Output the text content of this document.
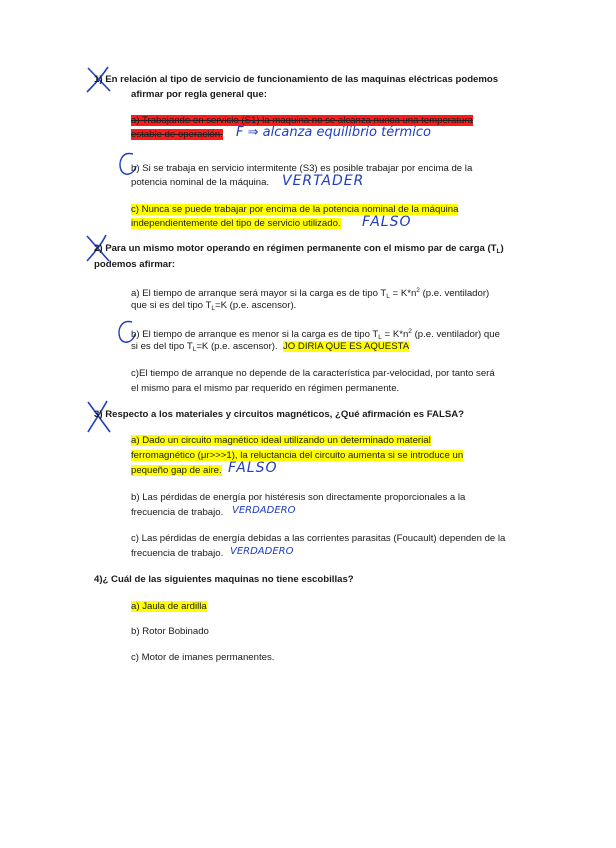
1) En relación al tipo de servicio de funcionamiento de las maquinas eléctricas podemos
afirmar por regla general que:
a) Trabajando en servicio (S1) la maquina no se alcanza nunca una temperatura
estable de operación. F ⇒ alcanza equilibrio térmico
b) Si se trabaja en servicio intermitente (S3) es posible trabajar por encima de la
potencia nominal de la máquina. VERTADER
c) Nunca se puede trabajar por encima de la potencia nominal de la máquina
independientemente del tipo de servicio utilizado. FALSO
2) Para un mismo motor operando en régimen permanente con el mismo par de carga $(T_L)$
podemos afirmar:
a) El tiempo de arranque será mayor si la carga es de tipo $T_L = K*n^2$ (p.e. ventilador)
que si es del tipo $T_L=K$ (p.e. ascensor).
b) El tiempo de arranque es menor si la carga es de tipo $T_L = K*n^2$ (p.e. ventilador) que
si es del tipo $T_L=K$ (p.e. ascensor). JO DIRIA QUE ES AQUESTA
c)El tiempo de arranque no depende de la característica par-velocidad, por tanto será
el mismo para el mismo par requerido en régimen permanente.
3) Respecto a los materiales y circuitos magnéticos, ¿Qué afirmación es FALSA?
a) Dado un circuito magnético ideal utilizando un determinado material
ferromagnético (μr>>>1), la reluctancia del circuito aumenta si se introduce un
pequeño gap de aire. FALSO
b) Las pérdidas de energía por histéresis son directamente proporcionales a la
frecuencia de trabajo. VERDADERO
c) Las pérdidas de energía debidas a las corrientes parasitas (Foucault) dependen de la
frecuencia de trabajo. VERDADERO
4)¿ Cuál de las siguientes maquinas no tiene escobillas?
a) Jaula de ardilla
b) Rotor Bobinado
c) Motor de imanes permanentes.
